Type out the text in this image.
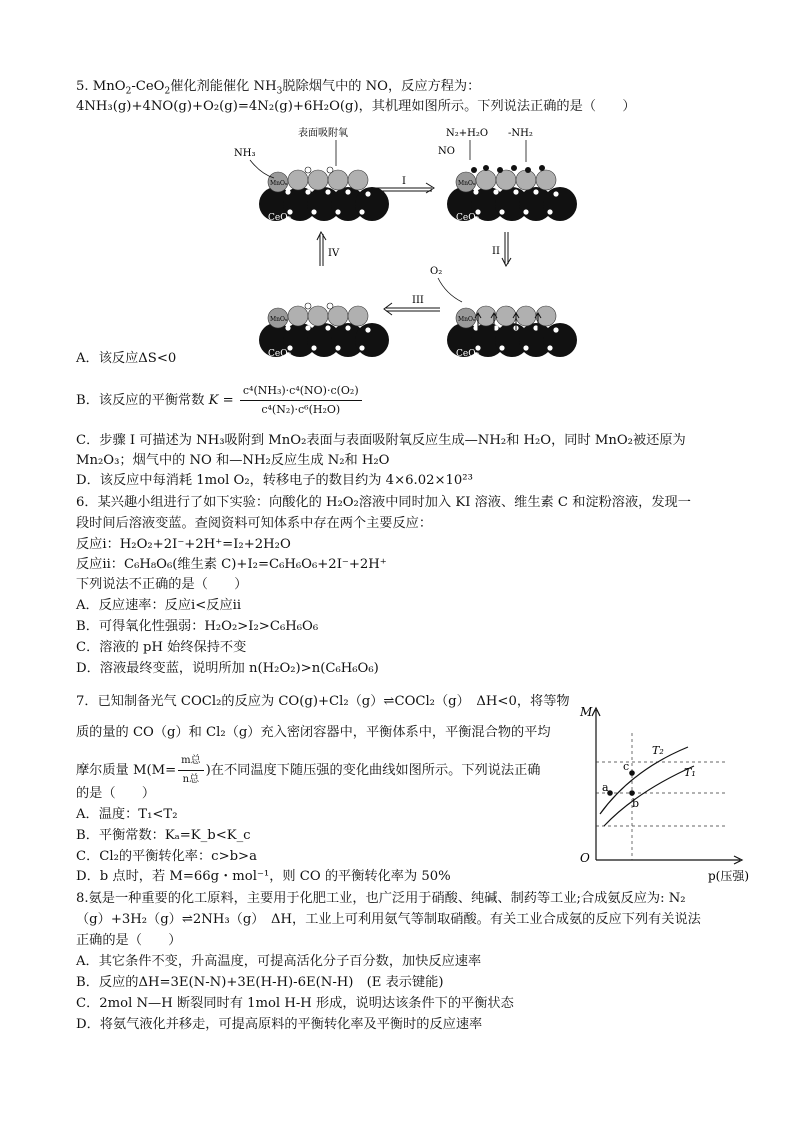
5. MnO$_2$-CeO$_2$催化剂能催化 $NH_3$脱除烟气中的 NO，反应方程为：
4NH₃(g)+4NO(g)+O₂(g)=4N₂(g)+6H₂O(g)，其机理如图所示。下列说法正确的是（　　）
MnOₓ
CeO₂
表面吸附氧
NH₃
MnOₓ
CeO₂
N₂+H₂O -NH₂
NO
I
II
III
IV
MnOₓ
CeO₂
MnOₓ
CeO₂
O₂
A．该反应ΔS<0
B．该反应的平衡常数 $K = \frac{\text{c⁴(NH₃)·c⁴(NO)·c(O₂)}}{\text{c⁴(N₂)·c⁶(H₂O)}}$
C．步骤 I 可描述为 NH₃吸附到 MnO₂表面与表面吸附氧反应生成—NH₂和 H₂O，同时 MnO₂被还原为
Mn₂O₃；烟气中的 NO 和—NH₂反应生成 N₂和 H₂O
D．该反应中每消耗 1mol O₂，转移电子的数目约为 4×6.02×10²³
6．某兴趣小组进行了如下实验：向酸化的 H₂O₂溶液中同时加入 KI 溶液、维生素 C 和淀粉溶液，发现一
段时间后溶液变蓝。查阅资料可知体系中存在两个主要反应：
反应ⅰ：H₂O₂+2I⁻+2H⁺=I₂+2H₂O
反应ⅱ：C₆H₈O₆(维生素 C)+I₂=C₆H₆O₆+2I⁻+2H⁺
下列说法不正确的是（　　）
A．反应速率：反应ⅰ<反应ⅱ
B．可得氧化性强弱：H₂O₂>I₂>C₆H₆O₆
C．溶液的 pH 始终保持不变
D．溶液最终变蓝，说明所加 n(H₂O₂)>n(C₆H₆O₆)
7．已知制备光气 COCl₂的反应为 CO(g)+Cl₂（g）⇌COCl₂（g）　ΔH<0，将等物
质的量的 CO（g）和 Cl₂（g）充入密闭容器中，平衡体系中，平衡混合物的平均
摩尔质量 $M(M= \frac{\text{m总}}{\text{n总}}$ )在不同温度下随压强的变化曲线如图所示。下列说法正确
的是（　　）
A．温度：T₁<T₂
B．平衡常数：Kₐ=K_b<K_c
C．Cl₂的平衡转化率：c>b>a
D．b 点时，若 M=66g・mol⁻¹，则 CO 的平衡转化率为 50%
M
O
p(压强)
T₂
T₁
a
c
b
8.氨是一种重要的化工原料，主要用于化肥工业，也广泛用于硝酸、纯碱、制药等工业;合成氨反应为: N₂
（g）+3H₂（g）⇌2NH₃（g）　ΔH，工业上可利用氨气等制取硝酸。有关工业合成氨的反应下列有关说法
正确的是（　　）
A．其它条件不变，升高温度，可提高活化分子百分数，加快反应速率
B．反应的ΔH=3E(N-N)+3E(H-H)-6E(N-H)　(E 表示键能)
C．2mol N—H 断裂同时有 1mol H-H 形成，说明达该条件下的平衡状态
D．将氨气液化并移走，可提高原料的平衡转化率及平衡时的反应速率
